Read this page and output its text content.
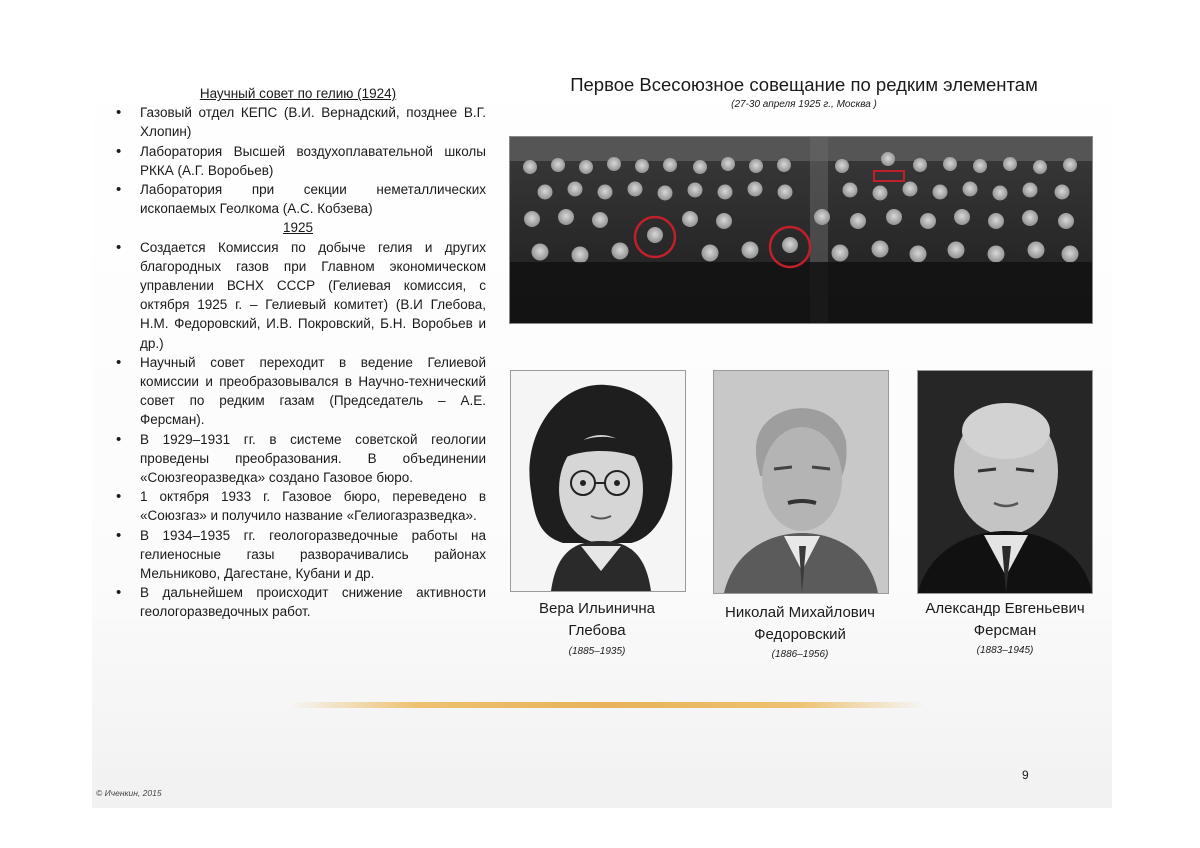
Научный совет по гелию (1924)
• Газовый отдел КЕПС (В.И. Вернадский, позднее В.Г. Хлопин)
• Лаборатория Высшей воздухоплавательной школы РККА (А.Г. Воробьев)
• Лаборатория при секции неметаллических ископаемых Геолкома (А.С. Кобзева)
1925
• Создается Комиссия по добыче гелия и других благородных газов при Главном экономическом управлении ВСНХ СССР (Гелиевая комиссия, с октября 1925 г. – Гелиевый комитет) (В.И Глебова, Н.М. Федоровский, И.В. Покровский, Б.Н. Воробьев и др.)
• Научный совет переходит в ведение Гелиевой комиссии и преобразовывался в Научно-технический совет по редким газам (Председатель – А.Е. Ферсман).
• В 1929–1931 гг. в системе советской геологии проведены преобразования. В объединении «Союзгеоразведка» создано Газовое бюро.
• 1 октября 1933 г. Газовое бюро, переведено в «Союзгаз» и получило название «Гелиогазразведка».
• В 1934–1935 гг. геологоразведочные работы на гелиеносные газы разворачивались районах Мельниково, Дагестане, Кубани и др.
• В дальнейшем происходит снижение активности геологоразведочных работ.
Первое Всесоюзное совещание по редким элементам
(27-30 апреля 1925 г., Москва )
Вера Ильинична
Глебова
(1885–1935)
Николай Михайлович
Федоровский
(1886–1956)
Александр Евгеньевич
Ферсман
(1883–1945)
9
© Иченкин, 2015
